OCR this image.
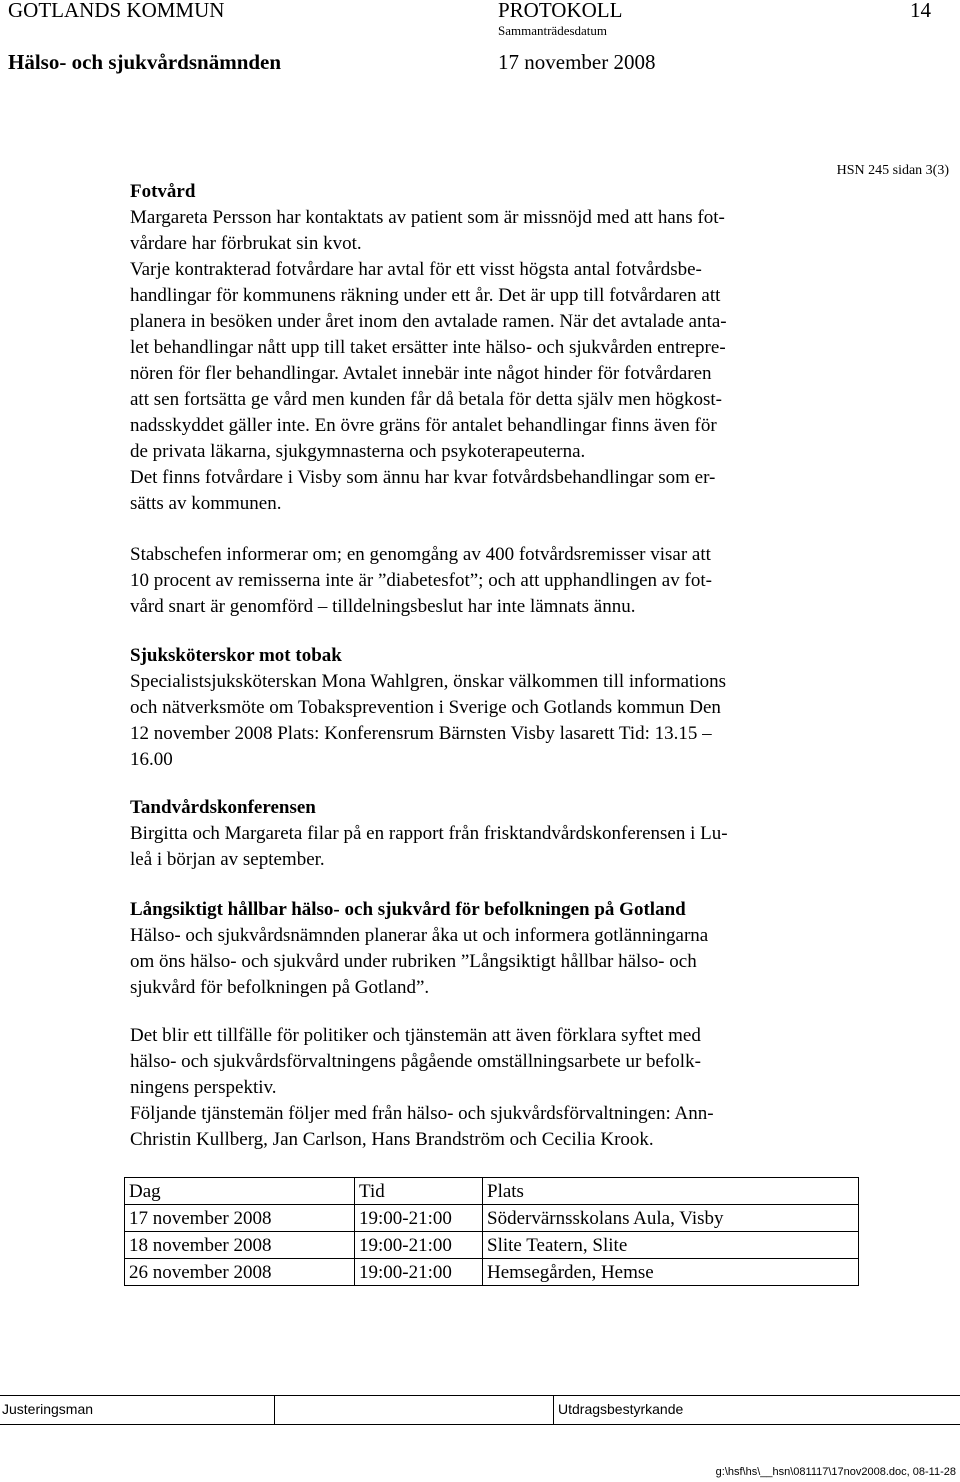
GOTLANDS KOMMUN	PROTOKOLL	14
Sammanträdesdatum
Hälso- och sjukvårdsnämnden	17 november 2008
HSN 245 sidan 3(3)
Fotvård

Margareta Persson har kontaktats av patient som är missnöjd med att hans fot-

vårdare har förbrukat sin kvot.

Varje kontrakterad fotvårdare har avtal för ett visst högsta antal fotvårdsbe-

handlingar för kommunens räkning under ett år. Det är upp till fotvårdaren att

planera in besöken under året inom den avtalade ramen. När det avtalade anta-

let behandlingar nått upp till taket ersätter inte hälso- och sjukvården entrepre-

nören för fler behandlingar. Avtalet innebär inte något hinder för fotvårdaren

att sen fortsätta ge vård men kunden får då betala för detta själv men högkost-

nadsskyddet gäller inte. En övre gräns för antalet behandlingar finns även för

de privata läkarna, sjukgymnasterna och psykoterapeuterna.

Det finns fotvårdare i Visby som ännu har kvar fotvårdsbehandlingar som er-

sätts av kommunen.

Stabschefen informerar om; en genomgång av 400 fotvårdsremisser visar att

10 procent av remisserna inte är ”diabetesfot”; och att upphandlingen av fot-

vård snart är genomförd – tilldelningsbeslut har inte lämnats ännu.

Sjuksköterskor mot tobak

Specialistsjuksköterskan Mona Wahlgren, önskar välkommen till informations

och nätverksmöte om Tobaksprevention i Sverige och Gotlands kommun Den

12 november 2008 Plats: Konferensrum Bärnsten Visby lasarett Tid: 13.15 –

16.00

Tandvårdskonferensen

Birgitta och Margareta filar på en rapport från frisktandvårdskonferensen i Lu-

leå i början av september.

Långsiktigt hållbar hälso- och sjukvård för befolkningen på Gotland

Hälso- och sjukvårdsnämnden planerar åka ut och informera gotlänningarna

om öns hälso- och sjukvård under rubriken ”Långsiktigt hållbar hälso- och

sjukvård för befolkningen på Gotland”.

Det blir ett tillfälle för politiker och tjänstemän att även förklara syftet med

hälso- och sjukvårdsförvaltningens pågående omställningsarbete ur befolk-

ningens perspektiv.

Följande tjänstemän följer med från hälso- och sjukvårdsförvaltningen: Ann-

Christin Kullberg, Jan Carlson, Hans Brandström och Cecilia Krook.

Dag	Tid	Plats
17 november 2008	19:00-21:00	Södervärnsskolans Aula, Visby
18 november 2008	19:00-21:00	Slite Teatern, Slite
26 november 2008	19:00-21:00	Hemsegården, Hemse
Justeringsman	Utdragsbestyrkande
g:\hsf\hs\__hsn\081117\17nov2008.doc, 08-11-28
